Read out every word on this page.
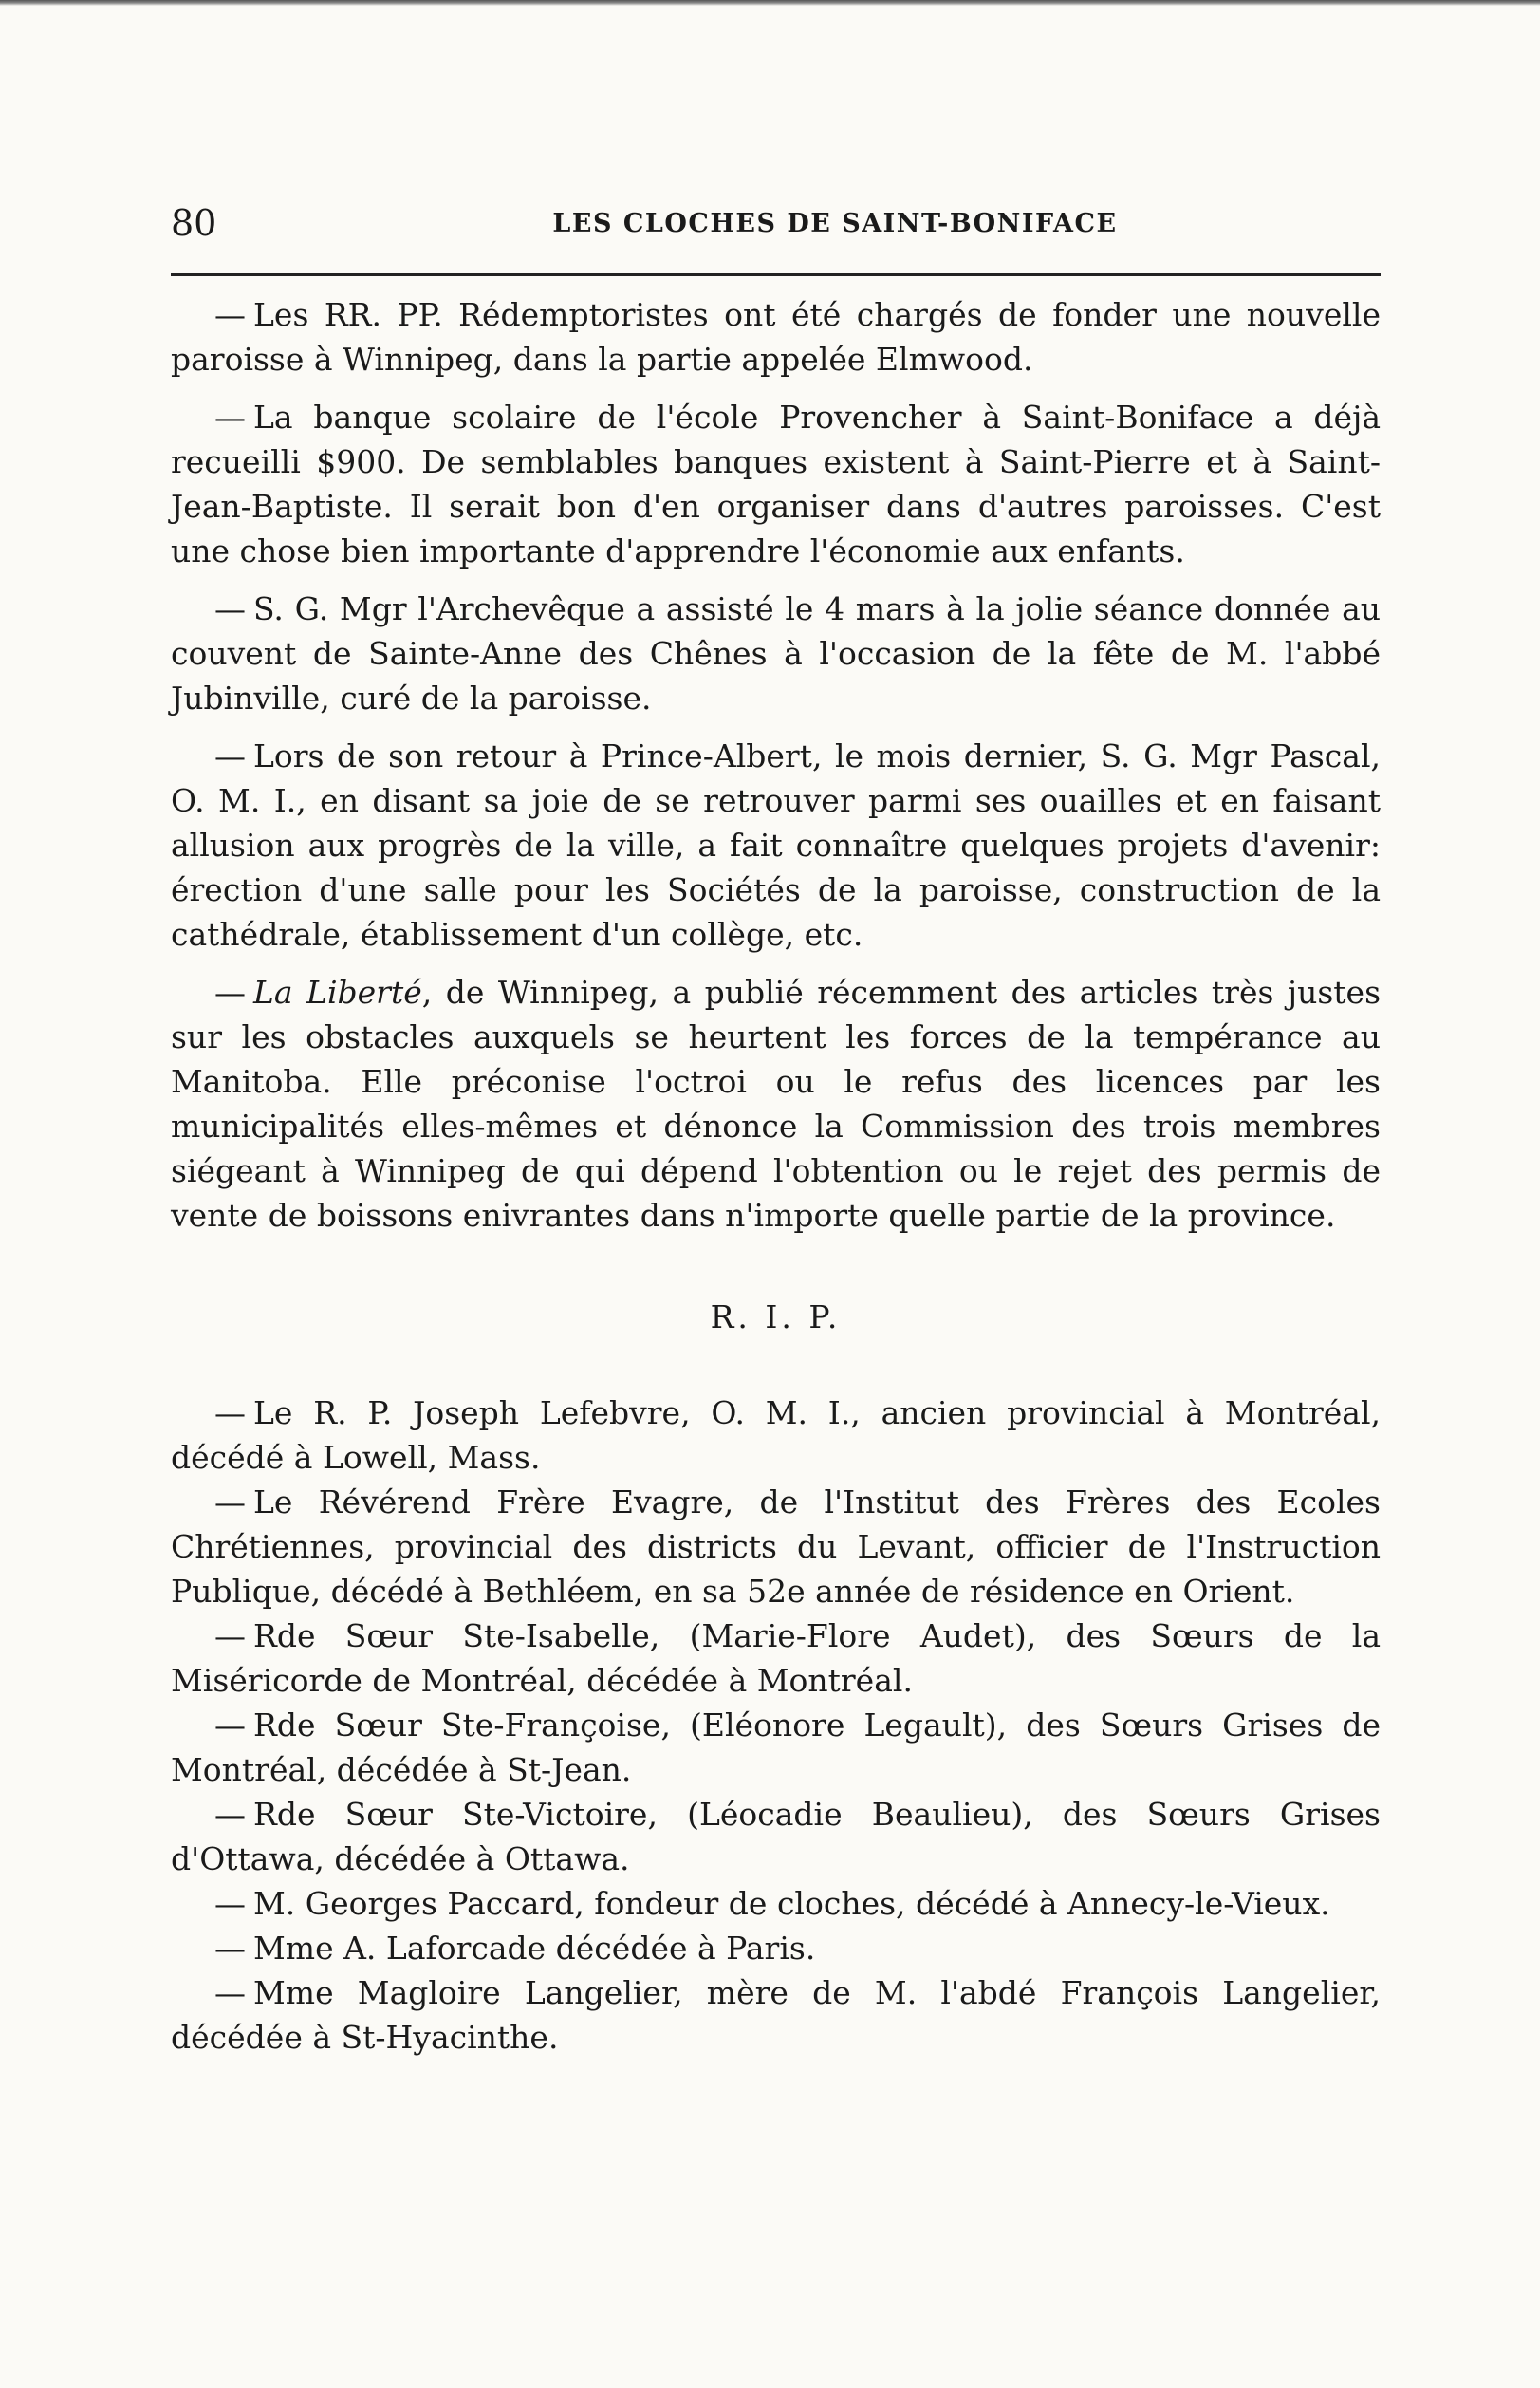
80	LES CLOCHES DE SAINT-BONIFACE

— Les RR. PP. Rédemptoristes ont été chargés de fonder une nouvelle paroisse à Winnipeg, dans la partie appelée Elmwood.

— La banque scolaire de l'école Provencher à Saint-Boniface a déjà recueilli $900. De semblables banques existent à Saint-Pierre et à Saint-Jean-Baptiste. Il serait bon d'en organiser dans d'autres paroisses. C'est une chose bien importante d'apprendre l'économie aux enfants.

— S. G. Mgr l'Archevêque a assisté le 4 mars à la jolie séance donnée au couvent de Sainte-Anne des Chênes à l'occasion de la fête de M. l'abbé Jubinville, curé de la paroisse.

— Lors de son retour à Prince-Albert, le mois dernier, S. G. Mgr Pascal, O. M. I., en disant sa joie de se retrouver parmi ses ouailles et en faisant allusion aux progrès de la ville, a fait connaître quelques projets d'avenir: érection d'une salle pour les Sociétés de la paroisse, construction de la cathédrale, établissement d'un collège, etc.

— La Liberté, de Winnipeg, a publié récemment des articles très justes sur les obstacles auxquels se heurtent les forces de la tempérance au Manitoba. Elle préconise l'octroi ou le refus des licences par les municipalités elles-mêmes et dénonce la Commission des trois membres siégeant à Winnipeg de qui dépend l'obtention ou le rejet des permis de vente de boissons enivrantes dans n'importe quelle partie de la province.

R. I. P.

— Le R. P. Joseph Lefebvre, O. M. I., ancien provincial à Montréal, décédé à Lowell, Mass.

— Le Révérend Frère Evagre, de l'Institut des Frères des Ecoles Chrétiennes, provincial des districts du Levant, officier de l'Instruction Publique, décédé à Bethléem, en sa 52e année de résidence en Orient.

— Rde Sœur Ste-Isabelle, (Marie-Flore Audet), des Sœurs de la Miséricorde de Montréal, décédée à Montréal.

— Rde Sœur Ste-Françoise, (Eléonore Legault), des Sœurs Grises de Montréal, décédée à St-Jean.

— Rde Sœur Ste-Victoire, (Léocadie Beaulieu), des Sœurs Grises d'Ottawa, décédée à Ottawa.

— M. Georges Paccard, fondeur de cloches, décédé à Annecy-le-Vieux.

— Mme A. Laforcade décédée à Paris.

— Mme Magloire Langelier, mère de M. l'abdé François Langelier, décédée à St-Hyacinthe.
